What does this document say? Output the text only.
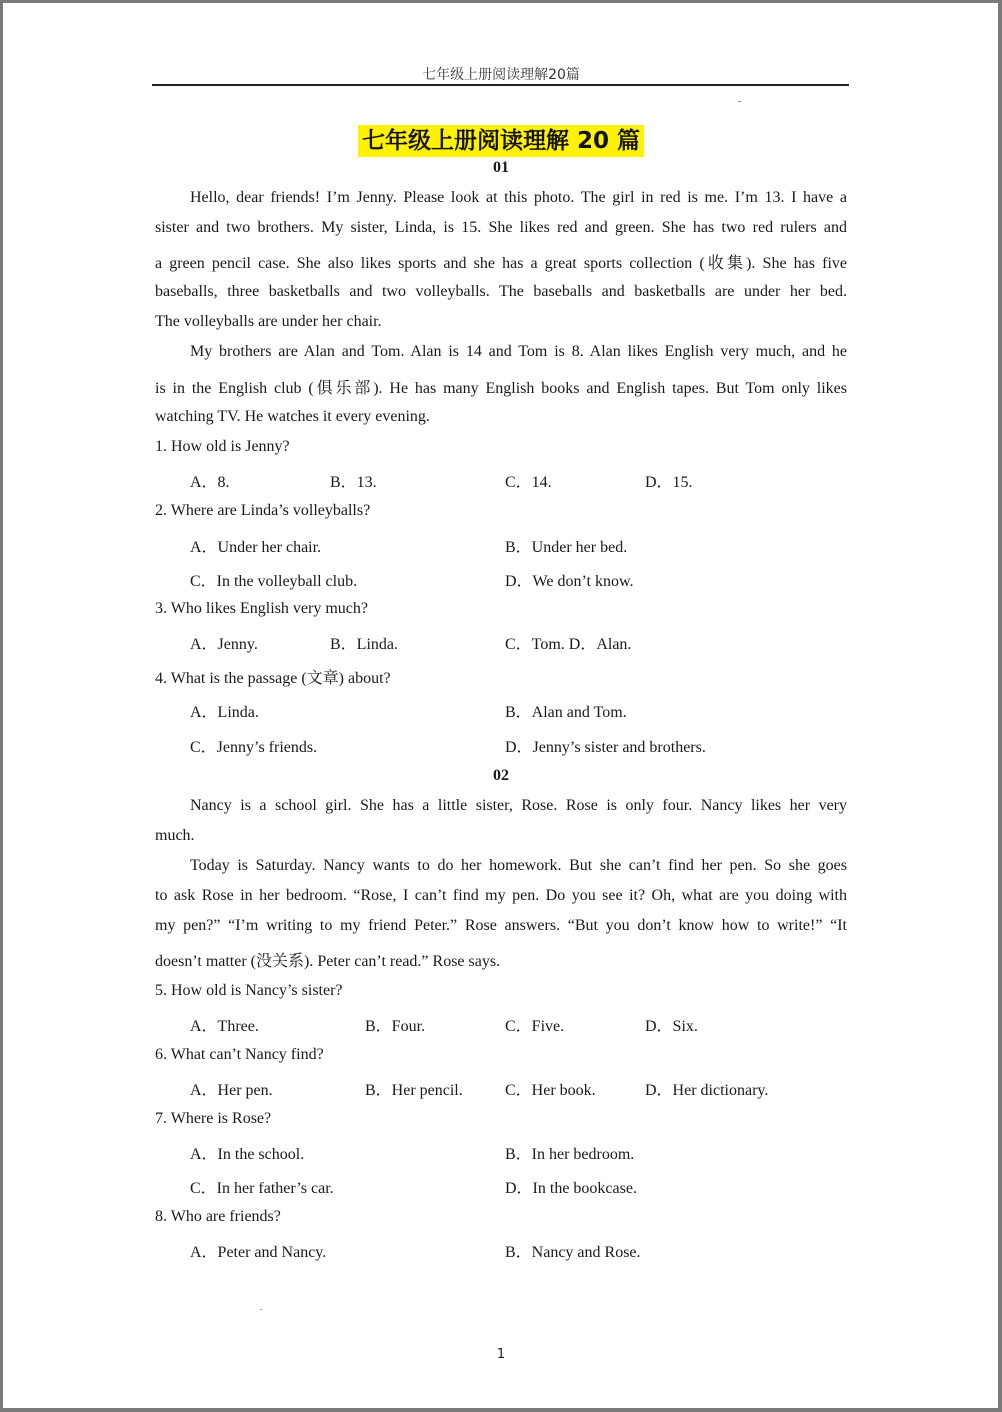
七年级上册阅读理解20篇
七年级上册阅读理解 20 篇
01
Hello, dear friends! I’m Jenny. Please look at this photo. The girl in red is me. I’m 13. I have a
sister and two brothers. My sister, Linda, is 15. She likes red and green. She has two red rulers and
a green pencil case. She also likes sports and she has a great sports collection (收集). She has five
baseballs, three basketballs and two volleyballs. The baseballs and basketballs are under her bed.
The volleyballs are under her chair.
My brothers are Alan and Tom. Alan is 14 and Tom is 8. Alan likes English very much, and he
is in the English club (俱乐部). He has many English books and English tapes. But Tom only likes
watching TV. He watches it every evening.
1. How old is Jenny?
A．8.	B．13.	C．14.	D．15.
2. Where are Linda’s volleyballs?
A．Under her chair.	B．Under her bed.
C．In the volleyball club.	D．We don’t know.
3. Who likes English very much?
A．Jenny.	B．Linda.	C．Tom. D．Alan.
4. What is the passage (文章) about?
A．Linda.	B．Alan and Tom.
C．Jenny’s friends.	D．Jenny’s sister and brothers.
02
Nancy is a school girl. She has a little sister, Rose. Rose is only four. Nancy likes her very
much.
Today is Saturday. Nancy wants to do her homework. But she can’t find her pen. So she goes
to ask Rose in her bedroom. “Rose, I can’t find my pen. Do you see it? Oh, what are you doing with
my pen?” “I’m writing to my friend Peter.” Rose answers. “But you don’t know how to write!” “It
doesn’t matter (没关系). Peter can’t read.” Rose says.
5. How old is Nancy’s sister?
A．Three.	B．Four.	C．Five.	D．Six.
6. What can’t Nancy find?
A．Her pen.	B．Her pencil.	C．Her book.	D．Her dictionary.
7. Where is Rose?
A．In the school.	B．In her bedroom.
C．In her father’s car.	D．In the bookcase.
8. Who are friends?
A．Peter and Nancy.	B．Nancy and Rose.
1
